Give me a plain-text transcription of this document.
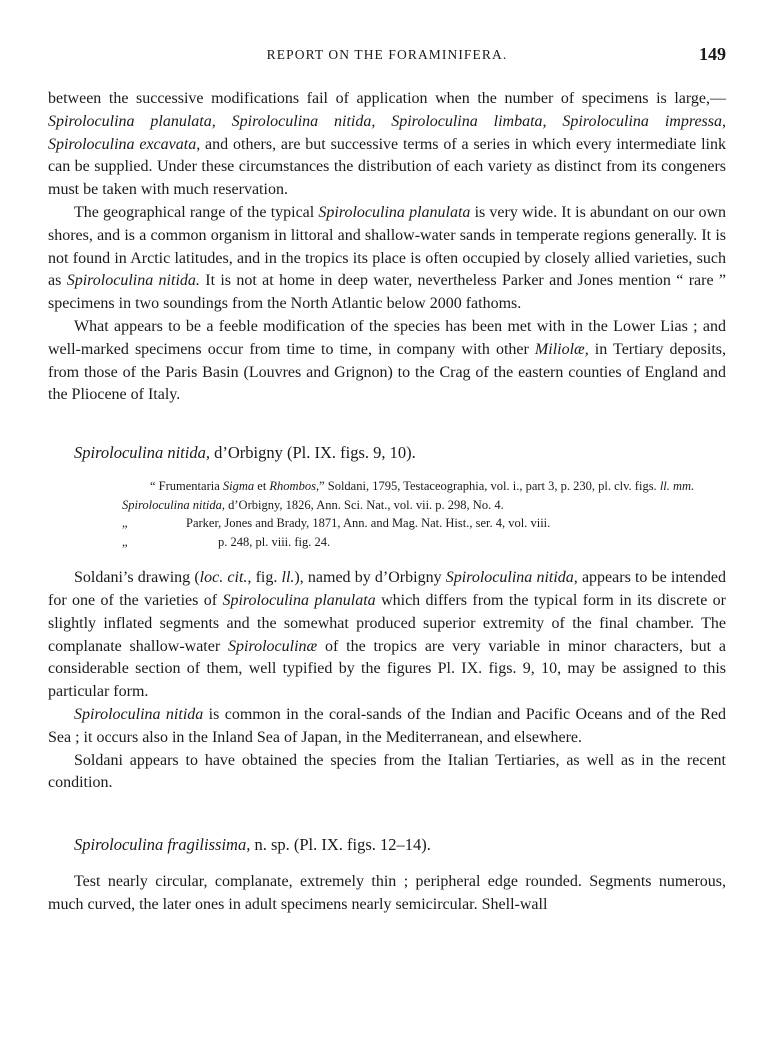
REPORT ON THE FORAMINIFERA.	149

between the successive modifications fail of application when the number of specimens is large,—Spiroloculina planulata, Spiroloculina nitida, Spiroloculina limbata, Spiroloculina impressa, Spiroloculina excavata, and others, are but successive terms of a series in which every intermediate link can be supplied. Under these circumstances the distribution of each variety as distinct from its congeners must be taken with much reservation.

The geographical range of the typical Spiroloculina planulata is very wide. It is abundant on our own shores, and is a common organism in littoral and shallow-water sands in temperate regions generally. It is not found in Arctic latitudes, and in the tropics its place is often occupied by closely allied varieties, such as Spiroloculina nitida. It is not at home in deep water, nevertheless Parker and Jones mention “ rare ” specimens in two soundings from the North Atlantic below 2000 fathoms.

What appears to be a feeble modification of the species has been met with in the Lower Lias ; and well-marked specimens occur from time to time, in company with other Miliolæ, in Tertiary deposits, from those of the Paris Basin (Louvres and Grignon) to the Crag of the eastern counties of England and the Pliocene of Italy.

Spiroloculina nitida, d’Orbigny (Pl. IX. figs. 9, 10).

“ Frumentaria Sigma et Rhombos,” Soldani, 1795, Testaceographia, vol. i., part 3, p. 230, pl. clv. figs. ll. mm.

Spiroloculina nitida, d’Orbigny, 1826, Ann. Sci. Nat., vol. vii. p. 298, No. 4.

„„
Parker, Jones and Brady, 1871, Ann. and Mag. Nat. Hist., ser. 4, vol. viii.
p. 248, pl. viii. fig. 24.

Soldani’s drawing (loc. cit., fig. ll.), named by d’Orbigny Spiroloculina nitida, appears to be intended for one of the varieties of Spiroloculina planulata which differs from the typical form in its discrete or slightly inflated segments and the somewhat produced superior extremity of the final chamber. The complanate shallow-water Spiroloculinæ of the tropics are very variable in minor characters, but a considerable section of them, well typified by the figures Pl. IX. figs. 9, 10, may be assigned to this particular form.

Spiroloculina nitida is common in the coral-sands of the Indian and Pacific Oceans and of the Red Sea ; it occurs also in the Inland Sea of Japan, in the Mediterranean, and elsewhere.

Soldani appears to have obtained the species from the Italian Tertiaries, as well as in the recent condition.

Spiroloculina fragilissima, n. sp. (Pl. IX. figs. 12–14).

Test nearly circular, complanate, extremely thin ; peripheral edge rounded. Segments numerous, much curved, the later ones in adult specimens nearly semicircular. Shell-wall
